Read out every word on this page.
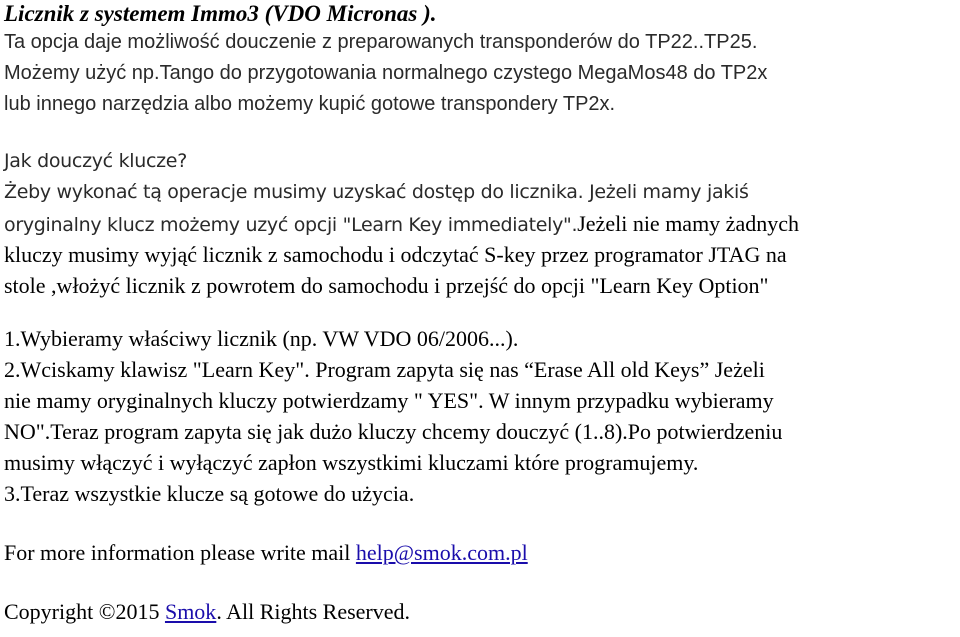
Licznik z systemem Immo3 (VDO Micronas ).
Ta opcja daje możliwość douczenie z preparowanych transponderów do TP22..TP25.
Możemy użyć np.Tango do przygotowania normalnego czystego MegaMos48 do TP2x
lub innego narzędzia albo możemy kupić gotowe transpondery TP2x.
Jak douczyć klucze?
Żeby wykonać tą operacje musimy uzyskać dostęp do licznika. Jeżeli mamy jakiś
oryginalny klucz możemy uzyć opcji "Learn Key immediately".Jeżeli nie mamy żadnych
kluczy musimy wyjąć licznik z samochodu i odczytać S-key przez programator JTAG na
stole ,włożyć licznik z powrotem do samochodu i przejść do opcji "Learn Key Option"
1.Wybieramy właściwy licznik (np. VW VDO 06/2006...).
2.Wciskamy klawisz "Learn Key". Program zapyta się nas “Erase All old Keys” Jeżeli
nie mamy oryginalnych kluczy potwierdzamy " YES". W innym przypadku wybieramy
NO".Teraz program zapyta się jak dużo kluczy chcemy douczyć (1..8).Po potwierdzeniu
musimy włączyć i wyłączyć zapłon wszystkimi kluczami które programujemy.
3.Teraz wszystkie klucze są gotowe do użycia.
For more information please write mail help@smok.com.pl
Copyright ©2015 Smok. All Rights Reserved.
